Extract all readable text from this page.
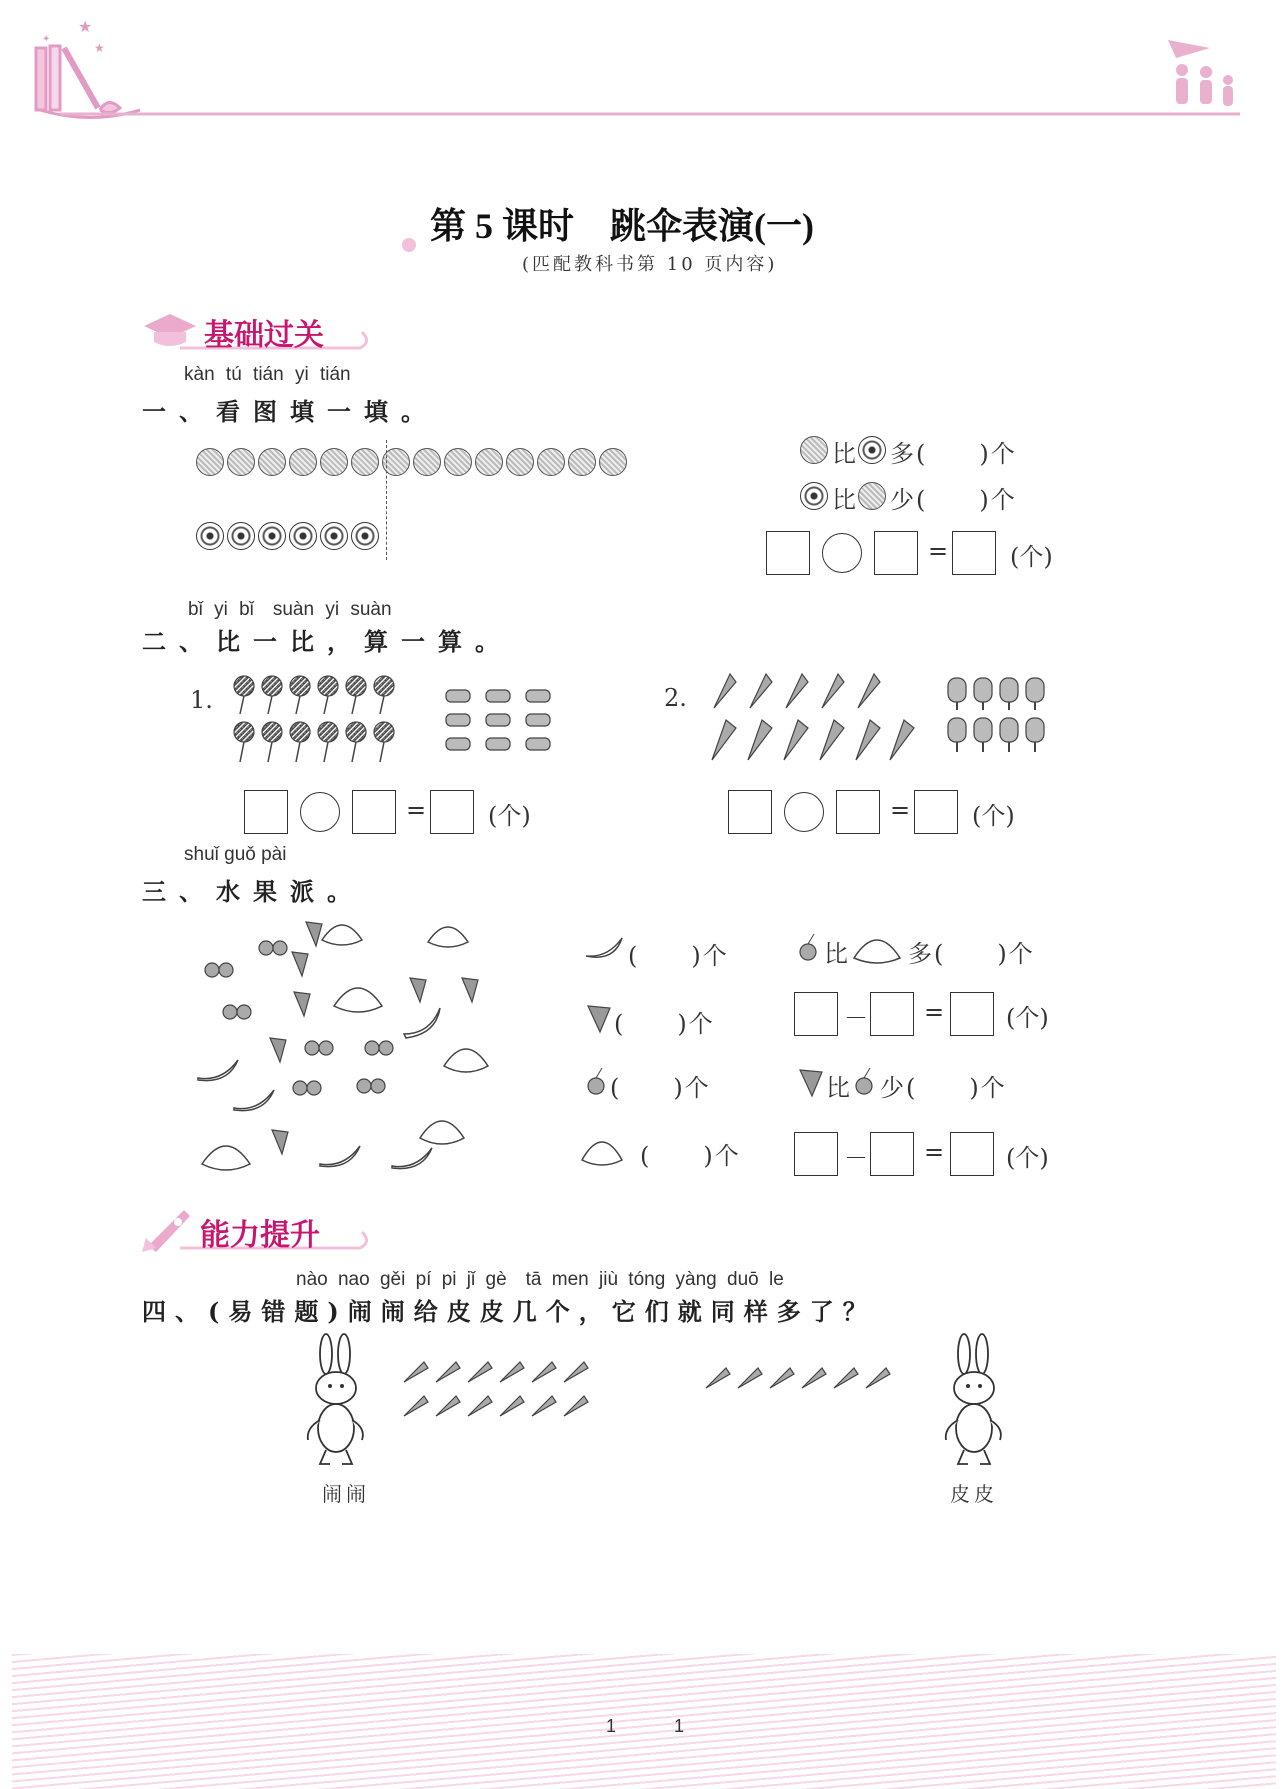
★
★
✦
第 5 课时　跳伞表演(一)
(匹配教科书第 10 页内容)
基础过关
kàn tú tián yi tián
一、看图填一填。
比 多(　　)个
比 少(　　)个
=	(个)
bǐ yi bǐ　suàn yi suàn
二、比一比，算一算。
1.
=	(个)
2.
=	(个)
shuǐ guǒ pài
三、水果派。
(　　)个
(　　)个
(　　)个
(　　)个
比	多(　　)个
－ =	(个)
比 少(　　)个
－ =	(个)
能力提升
nào nao gěi pí pi jǐ gè　tā men jiù tóng yàng duō le
四、(易错题)闹闹给皮皮几个，它们就同样多了？
闹闹	皮皮
1	1
